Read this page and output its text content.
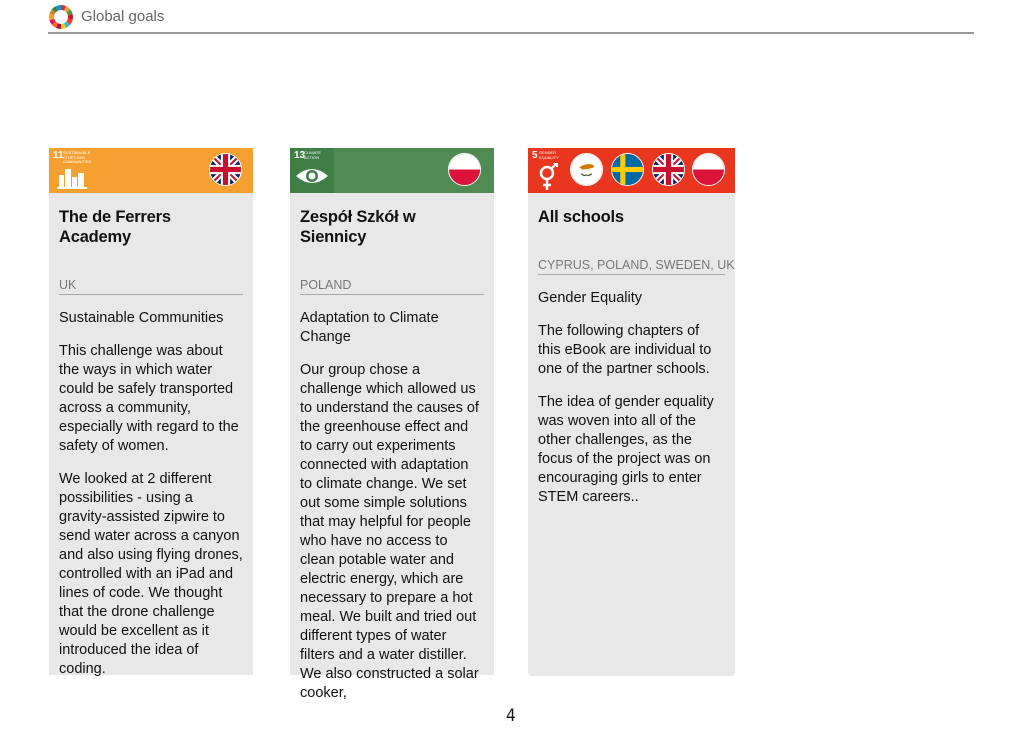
Global goals
11 SUSTAINABLE CITIES AND COMMUNITIES
The de Ferrers Academy
UK
Sustainable Communities

This challenge was about the ways in which water could be safely transported across a community, especially with regard to the safety of women.

We looked at 2 different possibilities - using a gravity-assisted zipwire to send water across a canyon and also using flying drones, controlled with an iPad and lines of code. We thought that the drone challenge would be excellent as it introduced the idea of coding.

13
CLIMATE ACTION
Zespół Szkół w Siennicy
POLAND
Adaptation to Climate Change

Our group chose a challenge which allowed us to understand the causes of the greenhouse effect and to carry out experiments connected with adaptation to climate change. We set out some simple solutions that may helpful for people who have no access to clean potable water and electric energy, which are necessary to prepare a hot meal. We built and tried out different types of water filters and a water distiller. We also constructed a solar cooker,

5 GENDER EQUALITY
All schools
CYPRUS, POLAND, SWEDEN, UK
Gender Equality

The following chapters of this eBook are individual to one of the partner schools.

The idea of gender equality was woven into all of the other challenges, as the focus of the project was on encouraging girls to enter STEM careers..

4
